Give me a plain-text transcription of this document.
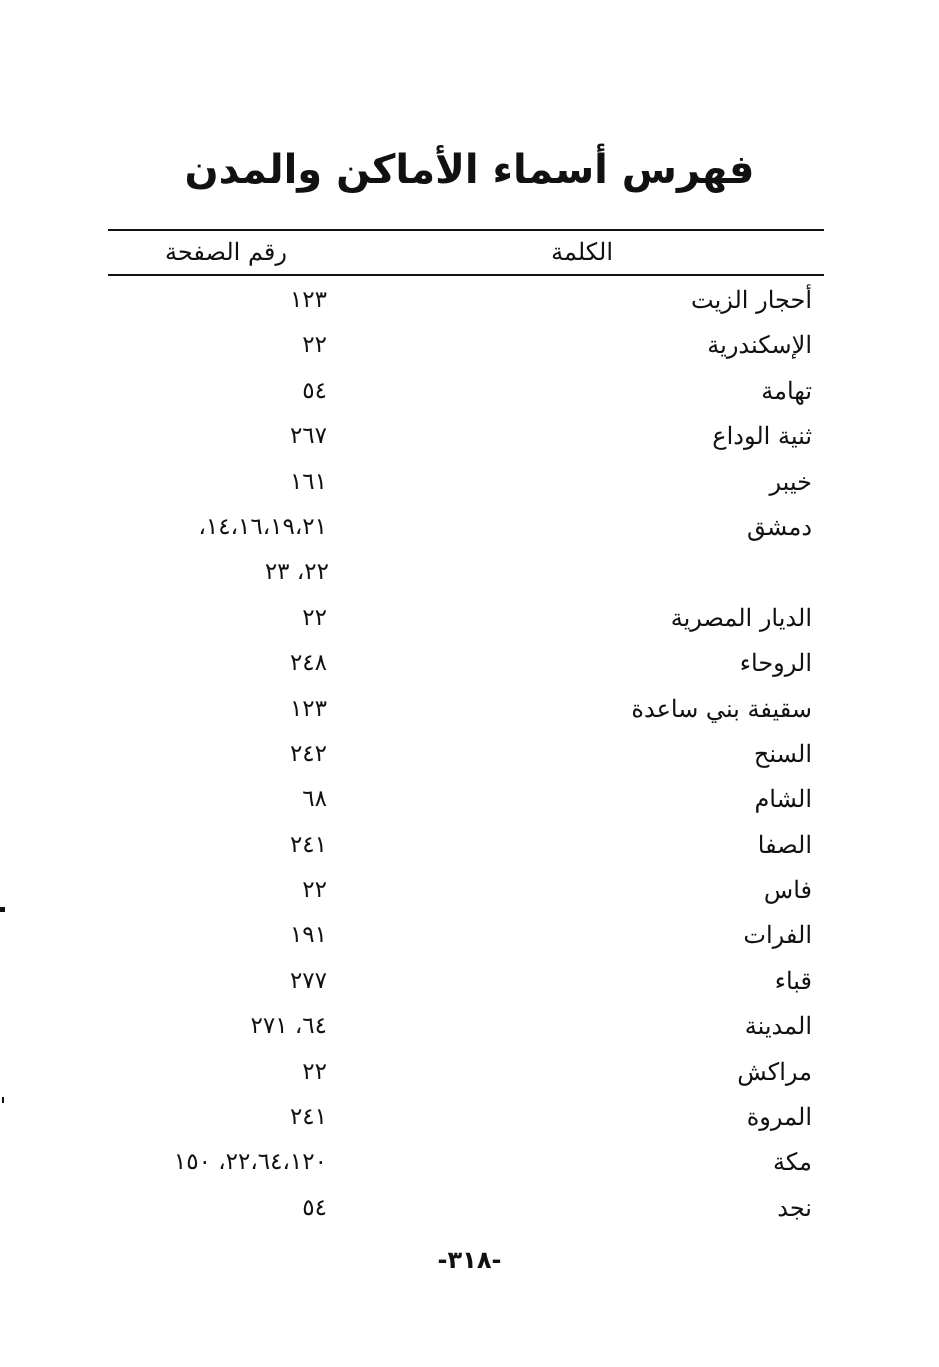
فهرس أسماء الأماكن والمدن
الكلمة
رقم الصفحة
أحجار الزيت
١٢٣
الإسكندرية
٢٢
تهامة
٥٤
ثنية الوداع
٢٦٧
خيبر
١٦١
دمشق
١٤،١٦،١٩،٢١،
٢٢، ٢٣
الديار المصرية
٢٢
الروحاء
٢٤٨
سقيفة بني ساعدة
١٢٣
السنح
٢٤٢
الشام
٦٨
الصفا
٢٤١
فاس
٢٢
الفرات
١٩١
قباء
٢٧٧
المدينة
٦٤، ٢٧١
مراكش
٢٢
المروة
٢٤١
مكة
٢٢،٦٤،١٢٠، ١٥٠
نجد
٥٤
-٣١٨-
